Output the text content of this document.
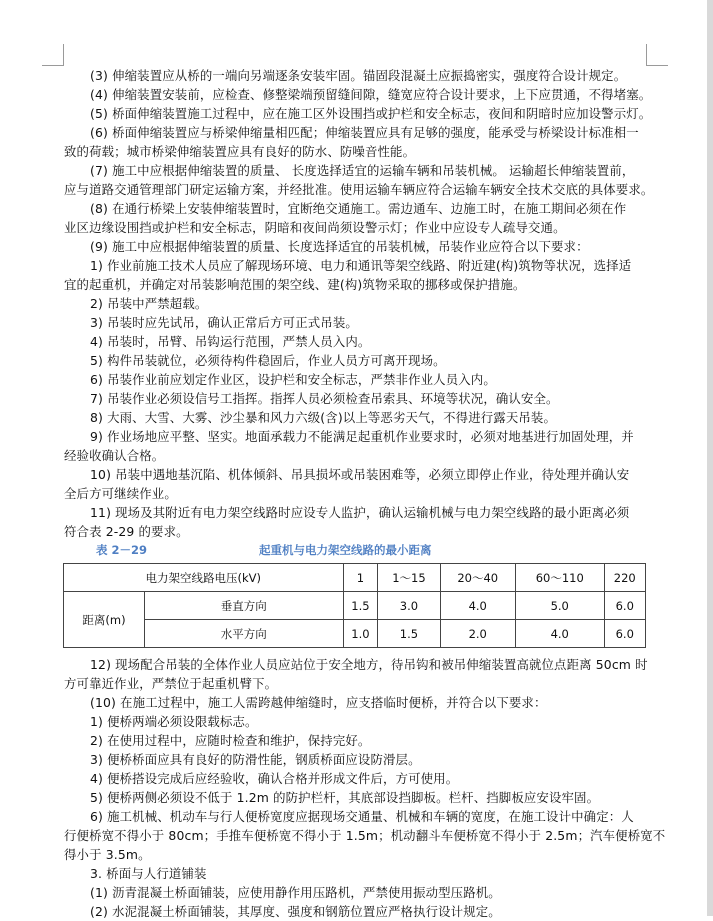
(3) 伸缩装置应从桥的一端向另端逐条安装牢固。锚固段混凝土应振捣密实，强度符合设计规定。
(4) 伸缩装置安装前，应检查、修整梁端预留缝间隙，缝宽应符合设计要求，上下应贯通，不得堵塞。
(5) 桥面伸缩装置施工过程中，应在施工区外设围挡或护栏和安全标志，夜间和阴暗时应加设警示灯。
(6) 桥面伸缩装置应与桥梁伸缩量相匹配；伸缩装置应具有足够的强度，能承受与桥梁设计标准相一
致的荷载；城市桥梁伸缩装置应具有良好的防水、防噪音性能。
(7) 施工中应根据伸缩装置的质量、 长度选择适宜的运输车辆和吊装机械。 运输超长伸缩装置前，
应与道路交通管理部门研定运输方案，并经批准。使用运输车辆应符合运输车辆安全技术交底的具体要求。
(8) 在通行桥梁上安装伸缩装置时，宜断绝交通施工。需边通车、边施工时，在施工期间必须在作
业区边缘设围挡或护栏和安全标志，阴暗和夜间尚须设警示灯；作业中应设专人疏导交通。
(9) 施工中应根据伸缩装置的质量、长度选择适宜的吊装机械，吊装作业应符合以下要求：
1) 作业前施工技术人员应了解现场环境、电力和通讯等架空线路、附近建(构)筑物等状况，选择适
宜的起重机，并确定对吊装影响范围的架空线、建(构)筑物采取的挪移或保护措施。
2) 吊装中严禁超载。
3) 吊装时应先试吊，确认正常后方可正式吊装。
4) 吊装时，吊臂、吊钩运行范围，严禁人员入内。
5) 构件吊装就位，必须待构件稳固后，作业人员方可离开现场。
6) 吊装作业前应划定作业区，设护栏和安全标志，严禁非作业人员入内。
7) 吊装作业必须设信号工指挥。指挥人员必须检查吊索具、环境等状况，确认安全。
8) 大雨、大雪、大雾、沙尘暴和风力六级(含)以上等恶劣天气，不得进行露天吊装。
9) 作业场地应平整、坚实。地面承载力不能满足起重机作业要求时，必须对地基进行加固处理，并
经验收确认合格。
10) 吊装中遇地基沉陷、机体倾斜、吊具损坏或吊装困难等，必须立即停止作业，待处理并确认安
全后方可继续作业。
11) 现场及其附近有电力架空线路时应设专人监护，确认运输机械与电力架空线路的最小距离必须
符合表 2-29 的要求。
表 2－29	起重机与电力架空线路的最小距离
电力架空线路电压(kV)		1	1～15	20～40	60～110	220
距离(m)	垂直方向	1.5	3.0	4.0	5.0	6.0
	水平方向	1.0	1.5	2.0	4.0	6.0
12) 现场配合吊装的全体作业人员应站位于安全地方，待吊钩和被吊伸缩装置高就位点距离 50cm 时
方可靠近作业，严禁位于起重机臂下。
(10) 在施工过程中，施工人需跨越伸缩缝时，应支搭临时便桥，并符合以下要求：
1) 便桥两端必须设限载标志。
2) 在使用过程中，应随时检查和维护，保持完好。
3) 便桥桥面应具有良好的防滑性能，钢质桥面应设防滑层。
4) 便桥搭设完成后应经验收，确认合格并形成文件后，方可使用。
5) 便桥两侧必须设不低于 1.2m 的防护栏杆，其底部设挡脚板。栏杆、挡脚板应安设牢固。
6) 施工机械、机动车与行人便桥宽度应据现场交通量、机械和车辆的宽度，在施工设计中确定：人
行便桥宽不得小于 80cm；手推车便桥宽不得小于 1.5m；机动翻斗车便桥宽不得小于 2.5m；汽车便桥宽不
得小于 3.5m。
3. 桥面与人行道铺装
(1) 沥青混凝土桥面铺装，应使用静作用压路机，严禁使用振动型压路机。
(2) 水泥混凝土桥面铺装，其厚度、强度和钢筋位置应严格执行设计规定。
